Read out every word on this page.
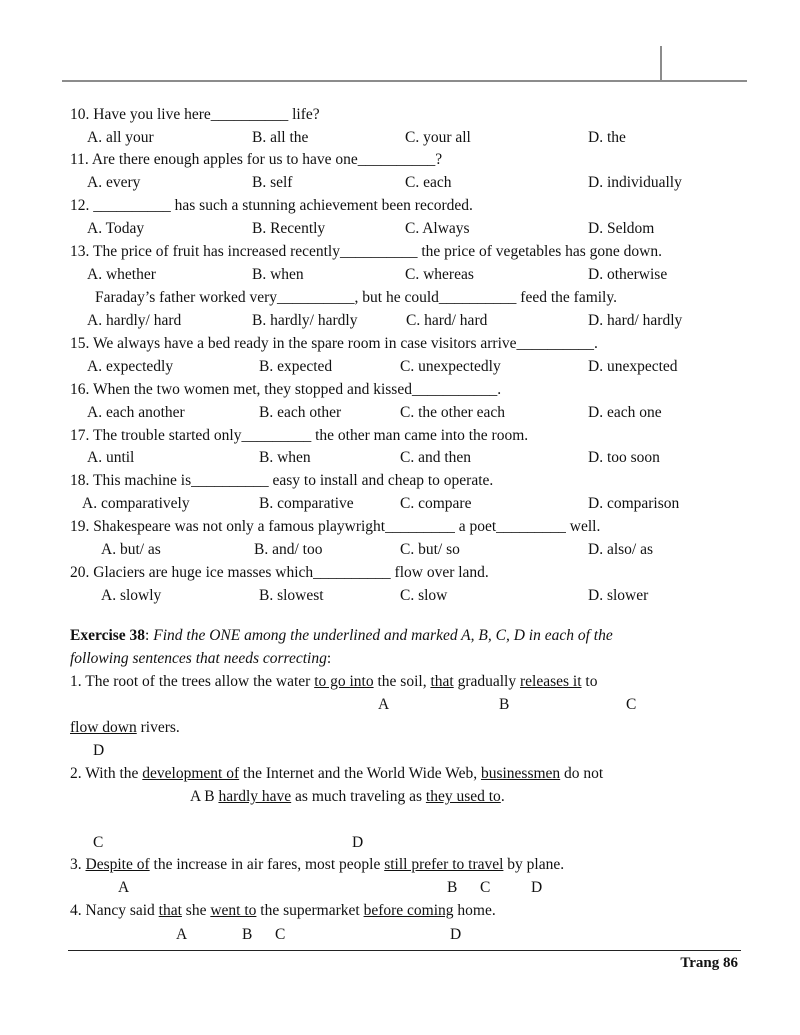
10. Have you live here__________ life?
A. all your	B. all the	C. your all	D. the
11. Are there enough apples for us to have one__________?
A. every	B. self	C. each	D. individually
12. __________ has such a stunning achievement been recorded.
A. Today	B. Recently	C. Always	D. Seldom
13. The price of fruit has increased recently__________ the price of vegetables has gone down.
A. whether	B. when	C. whereas	D. otherwise
Faraday’s father worked very__________, but he could__________ feed the family.
A. hardly/ hard	B. hardly/ hardly	C. hard/ hard	D. hard/ hardly
15. We always have a bed ready in the spare room in case visitors arrive__________.
A. expectedly	B. expected	C. unexpectedly	D. unexpected
16. When the two women met, they stopped and kissed___________.
A. each another	B. each other	C. the other each	D. each one
17. The trouble started only_________ the other man came into the room.
A. until	B. when	C. and then	D. too soon
18. This machine is__________ easy to install and cheap to operate.
A. comparatively	B. comparative	C. compare	D. comparison
19. Shakespeare was not only a famous playwright_________ a poet_________ well.
A. but/ as	B. and/ too	C. but/ so	D. also/ as
20. Glaciers are huge ice masses which__________ flow over land.
A. slowly	B. slowest	C. slow	D. slower
Exercise 38: Find the ONE among the underlined and marked A, B, C, D in each of the
following sentences that needs correcting:
1. The root of the trees allow the water to go into the soil, that gradually releases it to
A	B	C
flow down rivers.
D
2. With the development of the Internet and the World Wide Web, businessmen do not
A B hardly have as much traveling as they used to.
C	D
3. Despite of the increase in air fares, most people still prefer to travel by plane.
A	B C	D
4. Nancy said that she went to the supermarket before coming home.
A	B C	D
Trang 86
